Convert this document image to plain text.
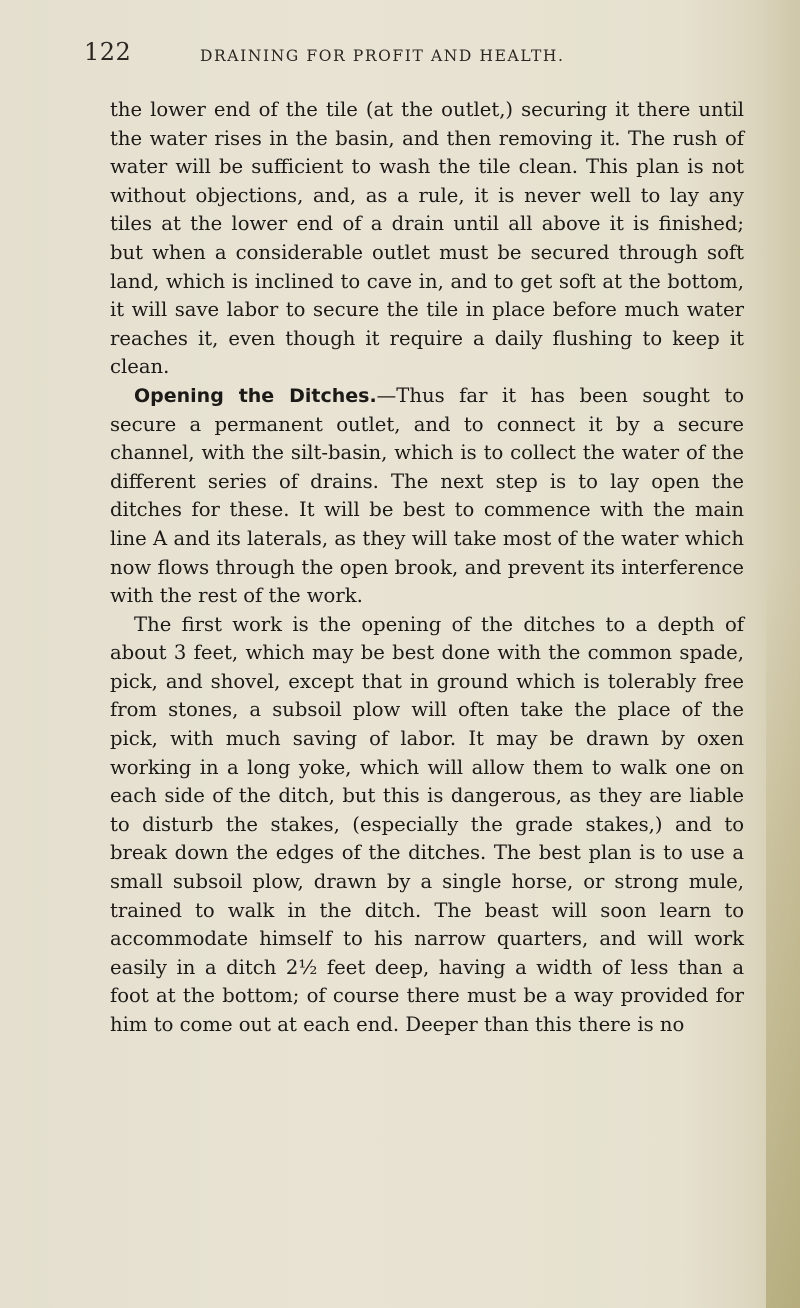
122	DRAINING FOR PROFIT AND HEALTH.

the lower end of the tile (at the outlet,) securing it there until the water rises in the basin, and then removing it. The rush of water will be sufficient to wash the tile clean. This plan is not without objections, and, as a rule, it is never well to lay any tiles at the lower end of a drain until all above it is finished; but when a considerable outlet must be secured through soft land, which is inclined to cave in, and to get soft at the bottom, it will save labor to secure the tile in place before much water reaches it, even though it require a daily flushing to keep it clean.

Opening the Ditches.—Thus far it has been sought to secure a permanent outlet, and to connect it by a secure channel, with the silt-basin, which is to collect the water of the different series of drains. The next step is to lay open the ditches for these. It will be best to commence with the main line A and its laterals, as they will take most of the water which now flows through the open brook, and prevent its interference with the rest of the work.

The first work is the opening of the ditches to a depth of about 3 feet, which may be best done with the common spade, pick, and shovel, except that in ground which is tolerably free from stones, a subsoil plow will often take the place of the pick, with much saving of labor. It may be drawn by oxen working in a long yoke, which will allow them to walk one on each side of the ditch, but this is dangerous, as they are liable to disturb the stakes, (especially the grade stakes,) and to break down the edges of the ditches. The best plan is to use a small subsoil plow, drawn by a single horse, or strong mule, trained to walk in the ditch. The beast will soon learn to accommodate himself to his narrow quarters, and will work easily in a ditch 2½ feet deep, having a width of less than a foot at the bottom; of course there must be a way provided for him to come out at each end. Deeper than this there is no
